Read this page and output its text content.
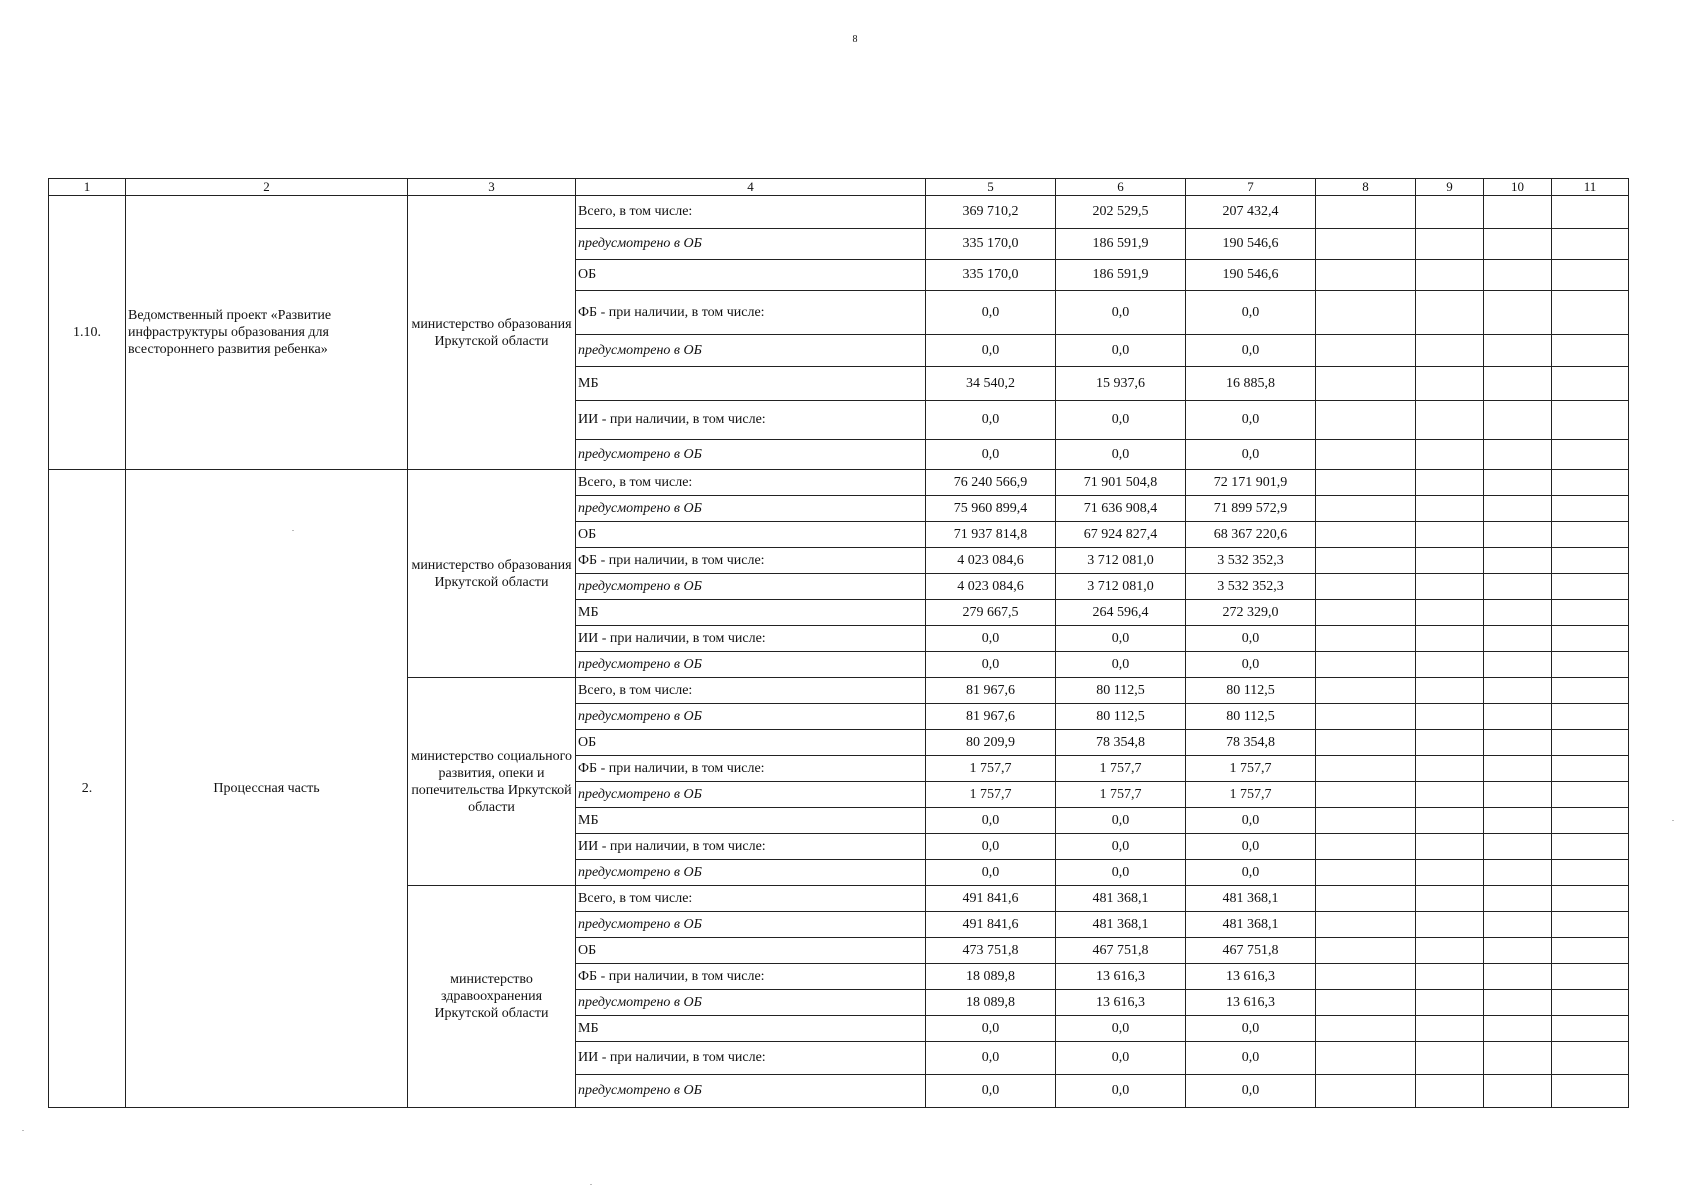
8
1	2	3	4	5	6	7	8	9	10	11
1.10.	Ведомственный проект «Развитие инфраструктуры образования для всестороннего развития ребенка»	министерство образования Иркутской области	Всего, в том числе:	369 710,2	202 529,5	207 432,4				
			предусмотрено в ОБ	335 170,0	186 591,9	190 546,6				
			ОБ	335 170,0	186 591,9	190 546,6				
			ФБ - при наличии, в том числе:	0,0	0,0	0,0				
			предусмотрено в ОБ	0,0	0,0	0,0				
			МБ	34 540,2	15 937,6	16 885,8				
			ИИ - при наличии, в том числе:	0,0	0,0	0,0				
			предусмотрено в ОБ	0,0	0,0	0,0				
2.	Процессная часть	министерство образования Иркутской области	Всего, в том числе:	76 240 566,9	71 901 504,8	72 171 901,9				
			предусмотрено в ОБ	75 960 899,4	71 636 908,4	71 899 572,9				
			ОБ	71 937 814,8	67 924 827,4	68 367 220,6				
			ФБ - при наличии, в том числе:	4 023 084,6	3 712 081,0	3 532 352,3				
			предусмотрено в ОБ	4 023 084,6	3 712 081,0	3 532 352,3				
			МБ	279 667,5	264 596,4	272 329,0				
			ИИ - при наличии, в том числе:	0,0	0,0	0,0				
			предусмотрено в ОБ	0,0	0,0	0,0				
		министерство социального развития, опеки и попечительства Иркутской области	Всего, в том числе:	81 967,6	80 112,5	80 112,5				
			предусмотрено в ОБ	81 967,6	80 112,5	80 112,5				
			ОБ	80 209,9	78 354,8	78 354,8				
			ФБ - при наличии, в том числе:	1 757,7	1 757,7	1 757,7				
			предусмотрено в ОБ	1 757,7	1 757,7	1 757,7				
			МБ	0,0	0,0	0,0				
			ИИ - при наличии, в том числе:	0,0	0,0	0,0				
			предусмотрено в ОБ	0,0	0,0	0,0				
		министерство здравоохранения Иркутской области	Всего, в том числе:	491 841,6	481 368,1	481 368,1				
			предусмотрено в ОБ	491 841,6	481 368,1	481 368,1				
			ОБ	473 751,8	467 751,8	467 751,8				
			ФБ - при наличии, в том числе:	18 089,8	13 616,3	13 616,3				
			предусмотрено в ОБ	18 089,8	13 616,3	13 616,3				
			МБ	0,0	0,0	0,0				
			ИИ - при наличии, в том числе:	0,0	0,0	0,0				
			предусмотрено в ОБ	0,0	0,0	0,0				
